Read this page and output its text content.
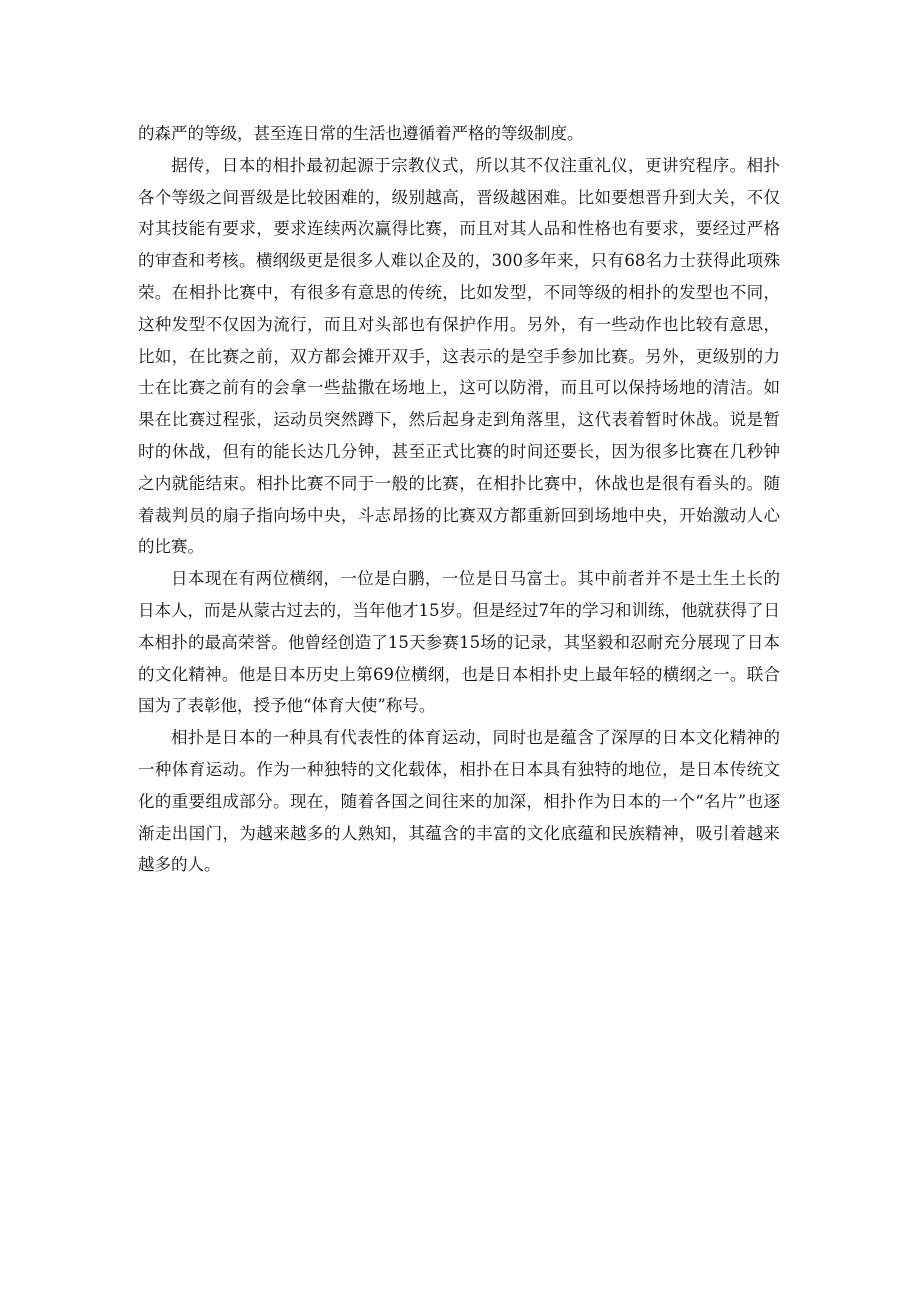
的森严的等级，甚至连日常的生活也遵循着严格的等级制度。

据传，日本的相扑最初起源于宗教仪式，所以其不仅注重礼仪，更讲究程序。相扑各个等级之间晋级是比较困难的，级别越高，晋级越困难。比如要想晋升到大关，不仅对其技能有要求，要求连续两次赢得比赛，而且对其人品和性格也有要求，要经过严格的审查和考核。横纲级更是很多人难以企及的，300多年来，只有68名力士获得此项殊荣。在相扑比赛中，有很多有意思的传统，比如发型，不同等级的相扑的发型也不同，这种发型不仅因为流行，而且对头部也有保护作用。另外，有一些动作也比较有意思，比如，在比赛之前，双方都会摊开双手，这表示的是空手参加比赛。另外，更级别的力士在比赛之前有的会拿一些盐撒在场地上，这可以防滑，而且可以保持场地的清洁。如果在比赛过程张，运动员突然蹲下，然后起身走到角落里，这代表着暂时休战。说是暂时的休战，但有的能长达几分钟，甚至正式比赛的时间还要长，因为很多比赛在几秒钟之内就能结束。相扑比赛不同于一般的比赛，在相扑比赛中，休战也是很有看头的。随着裁判员的扇子指向场中央，斗志昂扬的比赛双方都重新回到场地中央，开始激动人心的比赛。

日本现在有两位横纲，一位是白鹏，一位是日马富士。其中前者并不是土生土长的日本人，而是从蒙古过去的，当年他才15岁。但是经过7年的学习和训练，他就获得了日本相扑的最高荣誉。他曾经创造了15天参赛15场的记录，其坚毅和忍耐充分展现了日本的文化精神。他是日本历史上第69位横纲，也是日本相扑史上最年轻的横纲之一。联合国为了表彰他，授予他“体育大使”称号。

相扑是日本的一种具有代表性的体育运动，同时也是蕴含了深厚的日本文化精神的一种体育运动。作为一种独特的文化载体，相扑在日本具有独特的地位，是日本传统文化的重要组成部分。现在，随着各国之间往来的加深，相扑作为日本的一个“名片”也逐渐走出国门，为越来越多的人熟知，其蕴含的丰富的文化底蕴和民族精神，吸引着越来越多的人。
